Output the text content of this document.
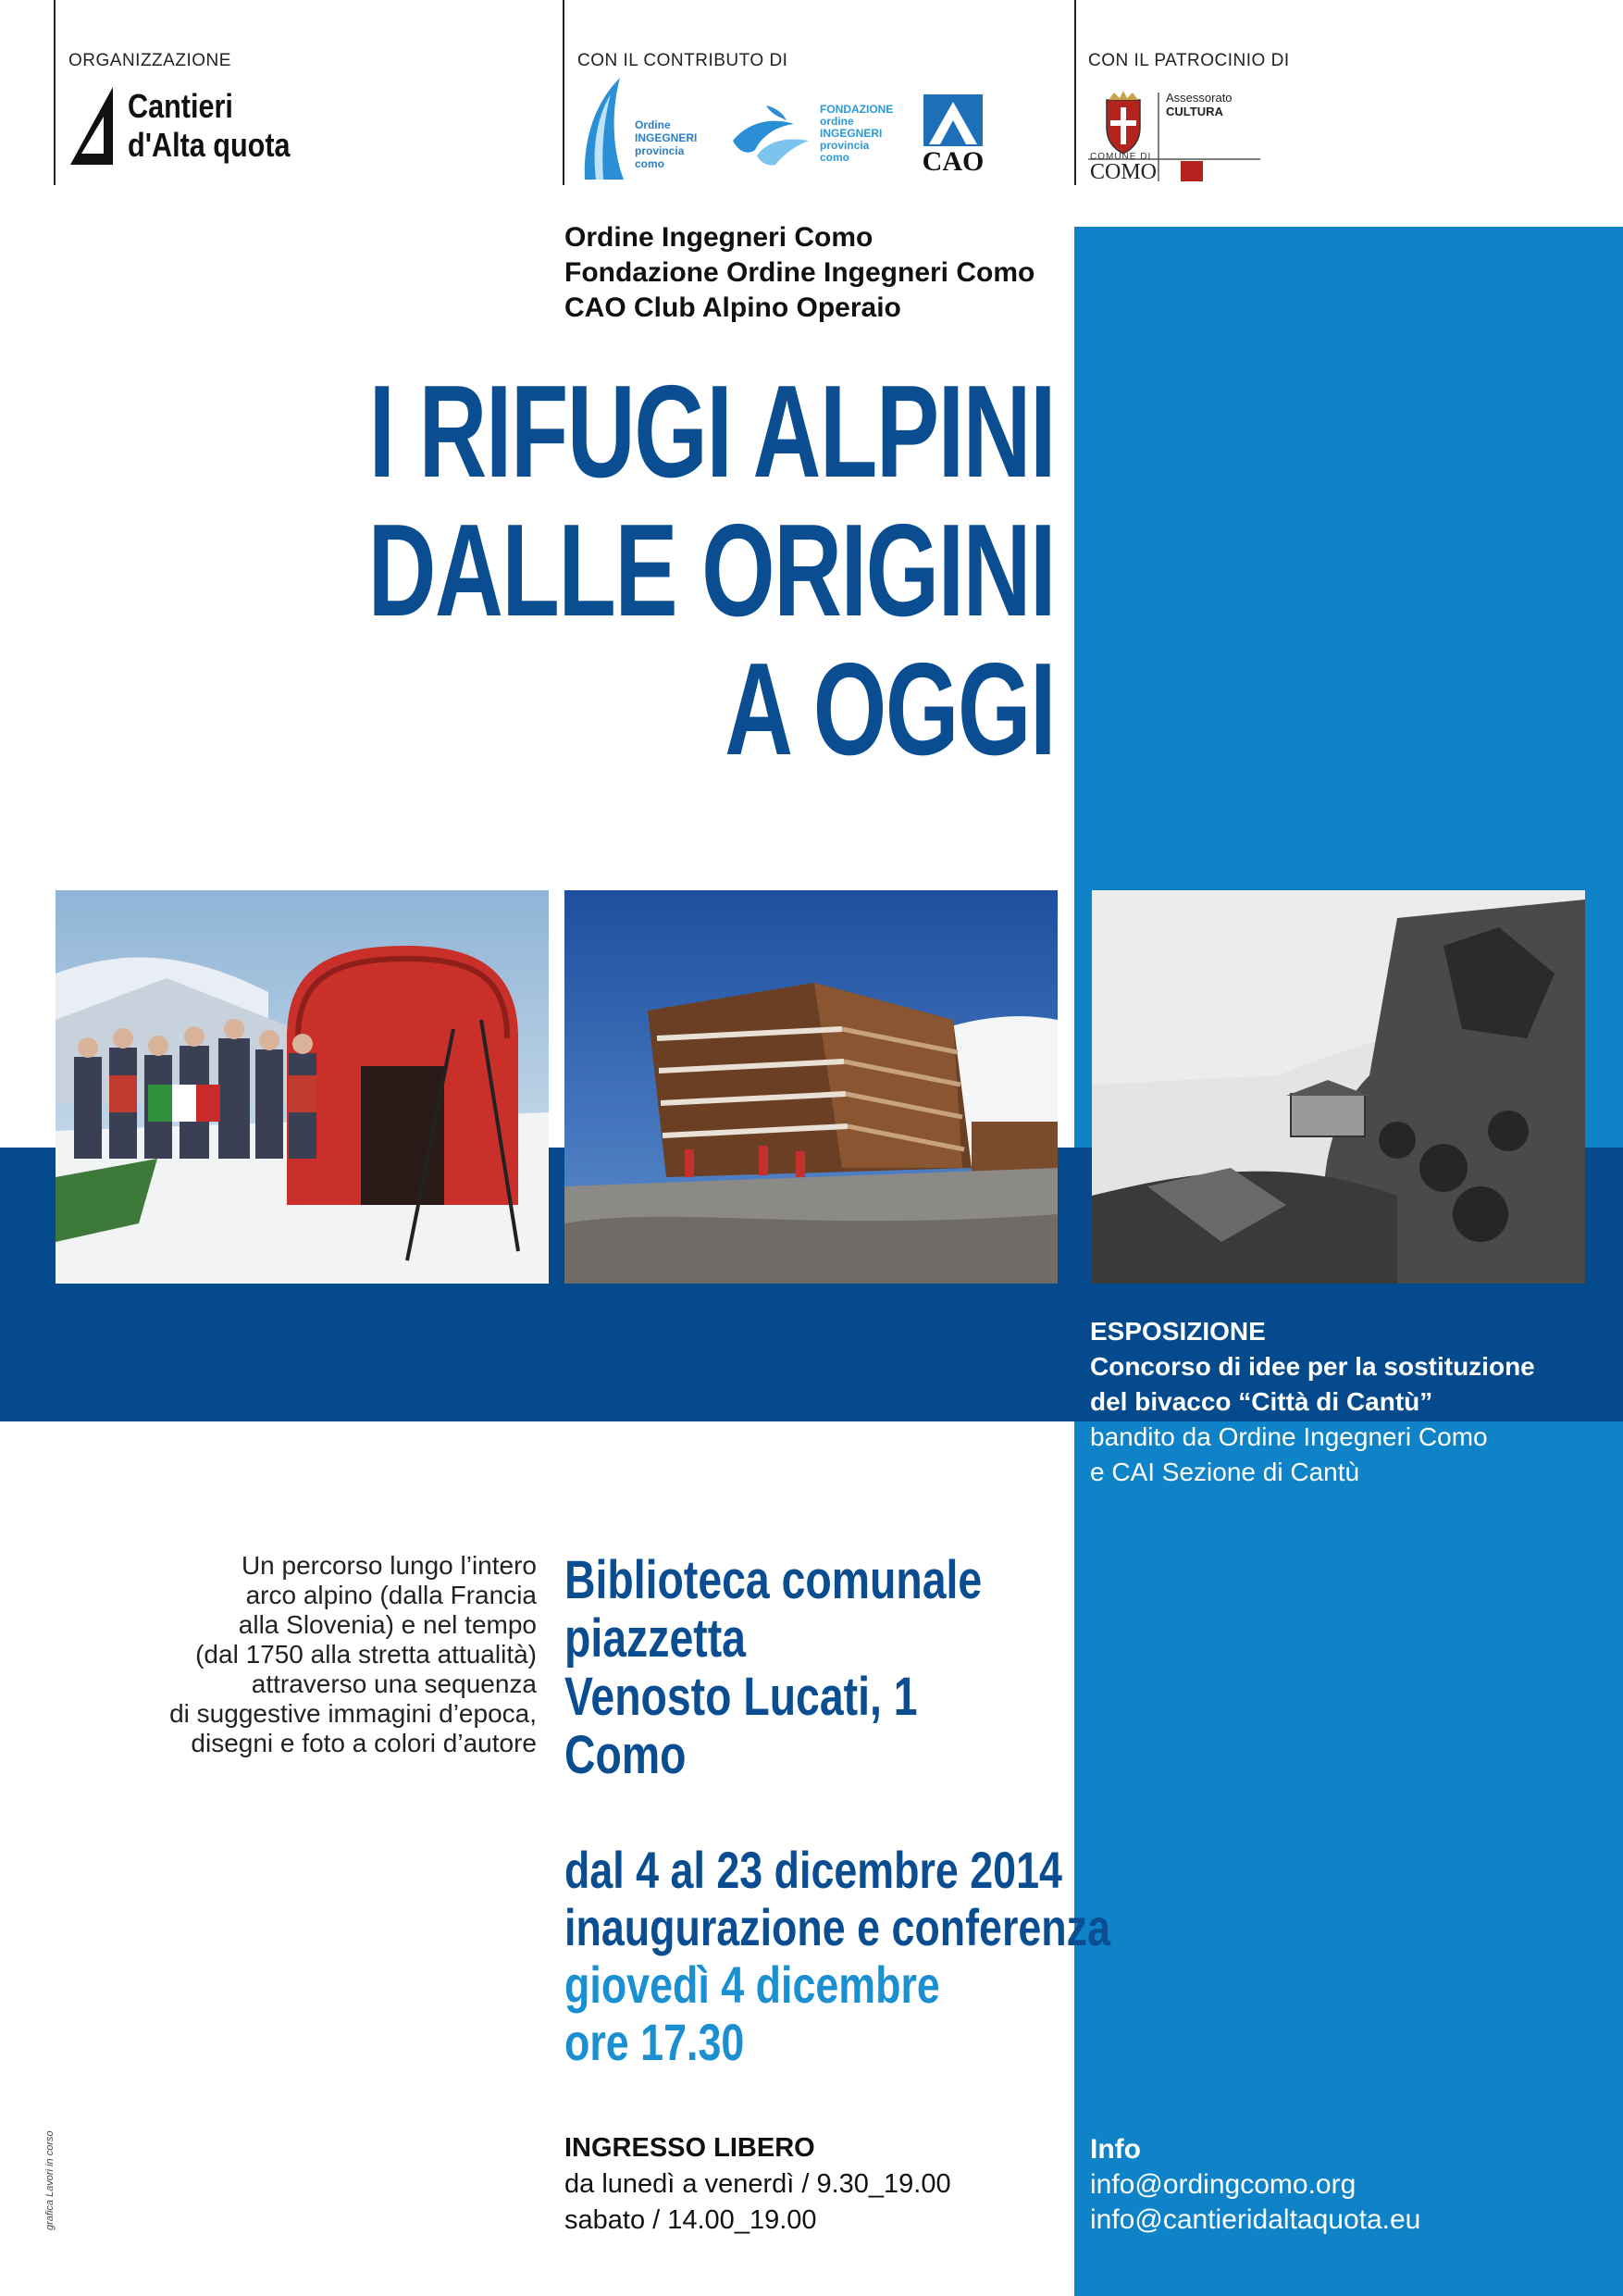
ORGANIZZAZIONE
Cantieri
d'Alta quota
CON IL CONTRIBUTO DI
Ordine
INGEGNERI
provincia
como
FONDAZIONE
ordine
INGEGNERI
provincia
como	CAO
CON IL PATROCINIO DI
Assessorato
CULTURA
COMUNE DI
COMO
Ordine Ingegneri Como
Fondazione Ordine Ingegneri Como
CAO Club Alpino Operaio
I RIFUGI ALPINI
DALLE ORIGINI
A OGGI
ESPOSIZIONE
Concorso di idee per la sostituzione
del bivacco “Città di Cantù”
bandito da Ordine Ingegneri Como
e CAI Sezione di Cantù
Un percorso lungo l’intero
arco alpino (dalla Francia
alla Slovenia) e nel tempo
(dal 1750 alla stretta attualità)
attraverso una sequenza
di suggestive immagini d’epoca,
disegni e foto a colori d’autore
Biblioteca comunale
piazzetta
Venosto Lucati, 1
Como
dal 4 al 23 dicembre 2014
inaugurazione e conferenza
giovedì 4 dicembre
ore 17.30
INGRESSO LIBERO
da lunedì a venerdì / 9.30_19.00
sabato / 14.00_19.00
Info
info@ordingcomo.org
info@cantieridaltaquota.eu
grafica Lavori in corso
